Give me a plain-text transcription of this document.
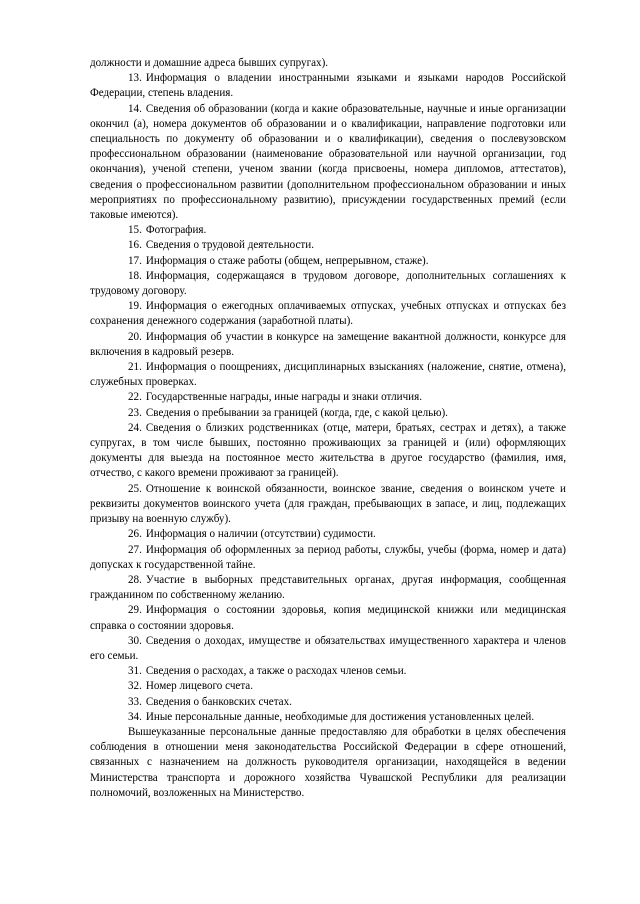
должности и домашние адреса бывших супругах).

13. Информация о владении иностранными языками и языками народов Российской Федерации, степень владения.

14. Сведения об образовании (когда и какие образовательные, научные и иные организации окончил (а), номера документов об образовании и о квалификации, направление подготовки или специальность по документу об образовании и о квалификации), сведения о послевузовском профессиональном образовании (наименование образовательной или научной организации, год окончания), ученой степени, ученом звании (когда присвоены, номера дипломов, аттестатов), сведения о профессиональном развитии (дополнительном профессиональном образовании и иных мероприятиях по профессиональному развитию), присуждении государственных премий (если таковые имеются).

15. Фотография.

16. Сведения о трудовой деятельности.

17. Информация о стаже работы (общем, непрерывном, стаже).

18. Информация, содержащаяся в трудовом договоре, дополнительных соглашениях к трудовому договору.

19. Информация о ежегодных оплачиваемых отпусках, учебных отпусках и отпусках без сохранения денежного содержания (заработной платы).

20. Информация об участии в конкурсе на замещение вакантной должности, конкурсе для включения в кадровый резерв.

21. Информация о поощрениях, дисциплинарных взысканиях (наложение, снятие, отмена), служебных проверках.

22. Государственные награды, иные награды и знаки отличия.

23. Сведения о пребывании за границей (когда, где, с какой целью).

24. Сведения о близких родственниках (отце, матери, братьях, сестрах и детях), а также супругах, в том числе бывших, постоянно проживающих за границей и (или) оформляющих документы для выезда на постоянное место жительства в другое государство (фамилия, имя, отчество, с какого времени проживают за границей).

25. Отношение к воинской обязанности, воинское звание, сведения о воинском учете и реквизиты документов воинского учета (для граждан, пребывающих в запасе, и лиц, подлежащих призыву на военную службу).

26. Информация о наличии (отсутствии) судимости.

27. Информация об оформленных за период работы, службы, учебы (форма, номер и дата) допусках к государственной тайне.

28. Участие в выборных представительных органах, другая информация, сообщенная гражданином по собственному желанию.

29. Информация о состоянии здоровья, копия медицинской книжки или медицинская справка о состоянии здоровья.

30. Сведения о доходах, имуществе и обязательствах имущественного характера и членов его семьи.

31. Сведения о расходах, а также о расходах членов семьи.

32. Номер лицевого счета.

33. Сведения о банковских счетах.

34. Иные персональные данные, необходимые для достижения установленных целей.

Вышеуказанные персональные данные предоставляю для обработки в целях обеспечения соблюдения в отношении меня законодательства Российской Федерации в сфере отношений, связанных с назначением на должность руководителя организации, находящейся в ведении Министерства транспорта и дорожного хозяйства Чувашской Республики для реализации полномочий, возложенных на Министерство.
